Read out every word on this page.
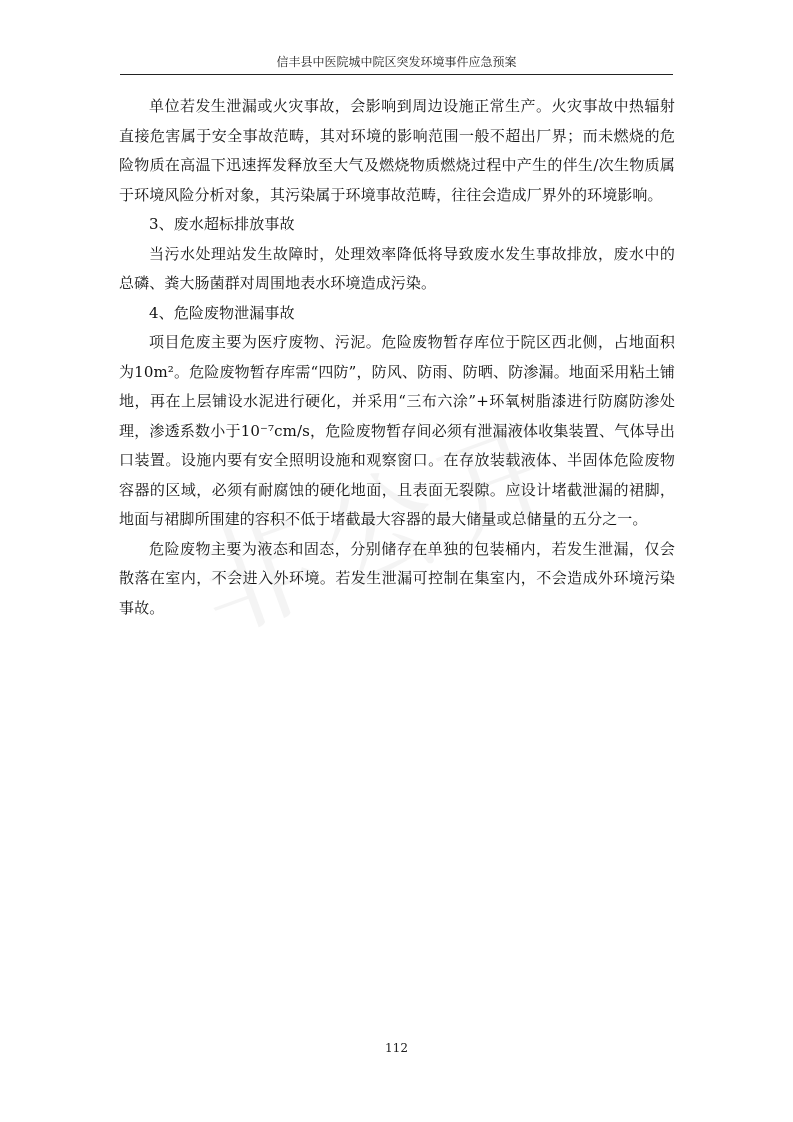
信丰县中医院城中院区突发环境事件应急预案

单位若发生泄漏或火灾事故，会影响到周边设施正常生产。火灾事故中热辐射直接危害属于安全事故范畴，其对环境的影响范围一般不超出厂界；而未燃烧的危险物质在高温下迅速挥发释放至大气及燃烧物质燃烧过程中产生的伴生/次生物质属于环境风险分析对象，其污染属于环境事故范畴，往往会造成厂界外的环境影响。

3、废水超标排放事故

当污水处理站发生故障时，处理效率降低将导致废水发生事故排放，废水中的总磷、粪大肠菌群对周围地表水环境造成污染。

4、危险废物泄漏事故

项目危废主要为医疗废物、污泥。危险废物暂存库位于院区西北侧，占地面积为10m²。危险废物暂存库需“四防”，防风、防雨、防晒、防渗漏。地面采用粘土铺地，再在上层铺设水泥进行硬化，并采用“三布六涂”+环氧树脂漆进行防腐防渗处理，渗透系数小于10⁻⁷cm/s，危险废物暂存间必须有泄漏液体收集装置、气体导出口装置。设施内要有安全照明设施和观察窗口。在存放装载液体、半固体危险废物容器的区域，必须有耐腐蚀的硬化地面，且表面无裂隙。应设计堵截泄漏的裙脚，地面与裙脚所围建的容积不低于堵截最大容器的最大储量或总储量的五分之一。

危险废物主要为液态和固态，分别储存在单独的包装桶内，若发生泄漏，仅会散落在室内，不会进入外环境。若发生泄漏可控制在集室内，不会造成外环境污染事故。

112
